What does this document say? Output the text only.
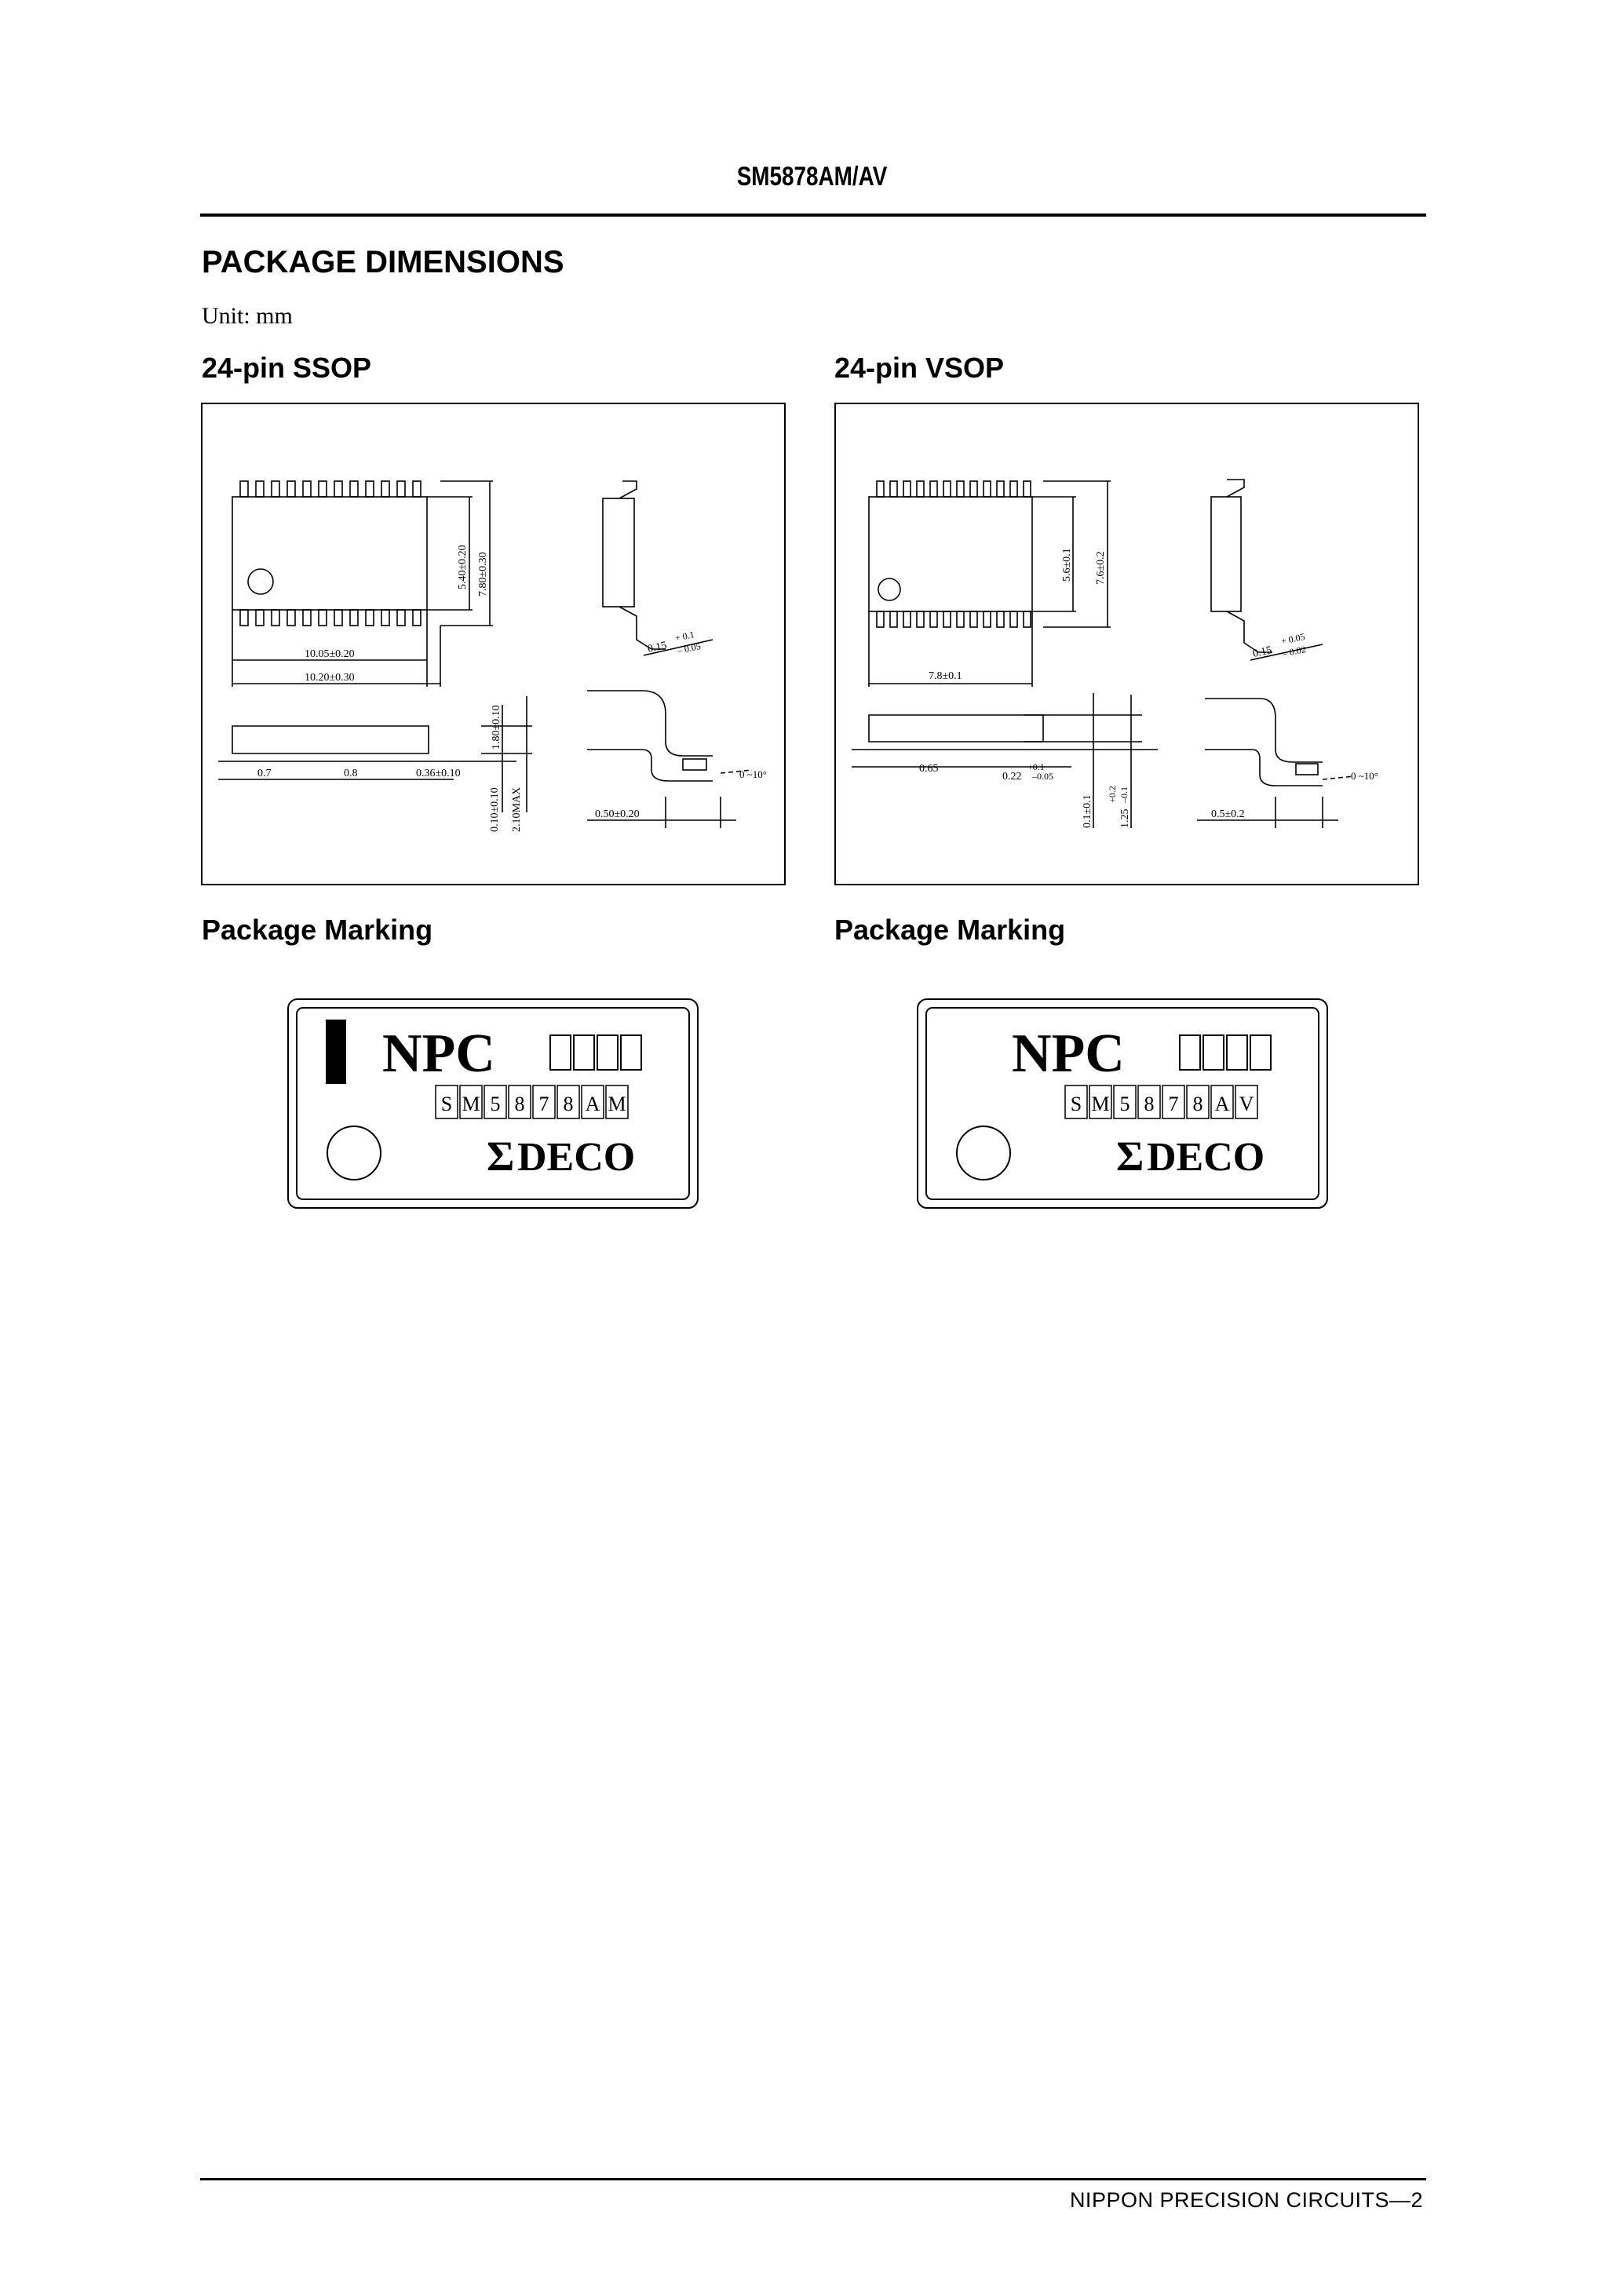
SM5878AM/AV
PACKAGE DIMENSIONS
Unit: mm
24-pin SSOP	24-pin VSOP
5.40±0.20 7.80±0.30
10.05±0.20
10.20±0.30
0.15
+ 0.1
– 0.05
1.80±0.10
0.10±0.10 2.10MAX
0.7	0.8	0.36±0.10
0.50±0.20
0 ~10°
5.6±0.1 7.6±0.2
7.8±0.1
0.15
+ 0.05
– 0.02
0.65
0.22
+0.1
–0.05
0.1±0.1 1.25
+0.2 –0.1
0.5±0.2
0 ~10°
Package Marking	Package Marking
NPC
S M 5 8 7 8 A M
Σ DECO
NPC
S M 5 8 7 8 A V
Σ DECO
NIPPON PRECISION CIRCUITS—2
